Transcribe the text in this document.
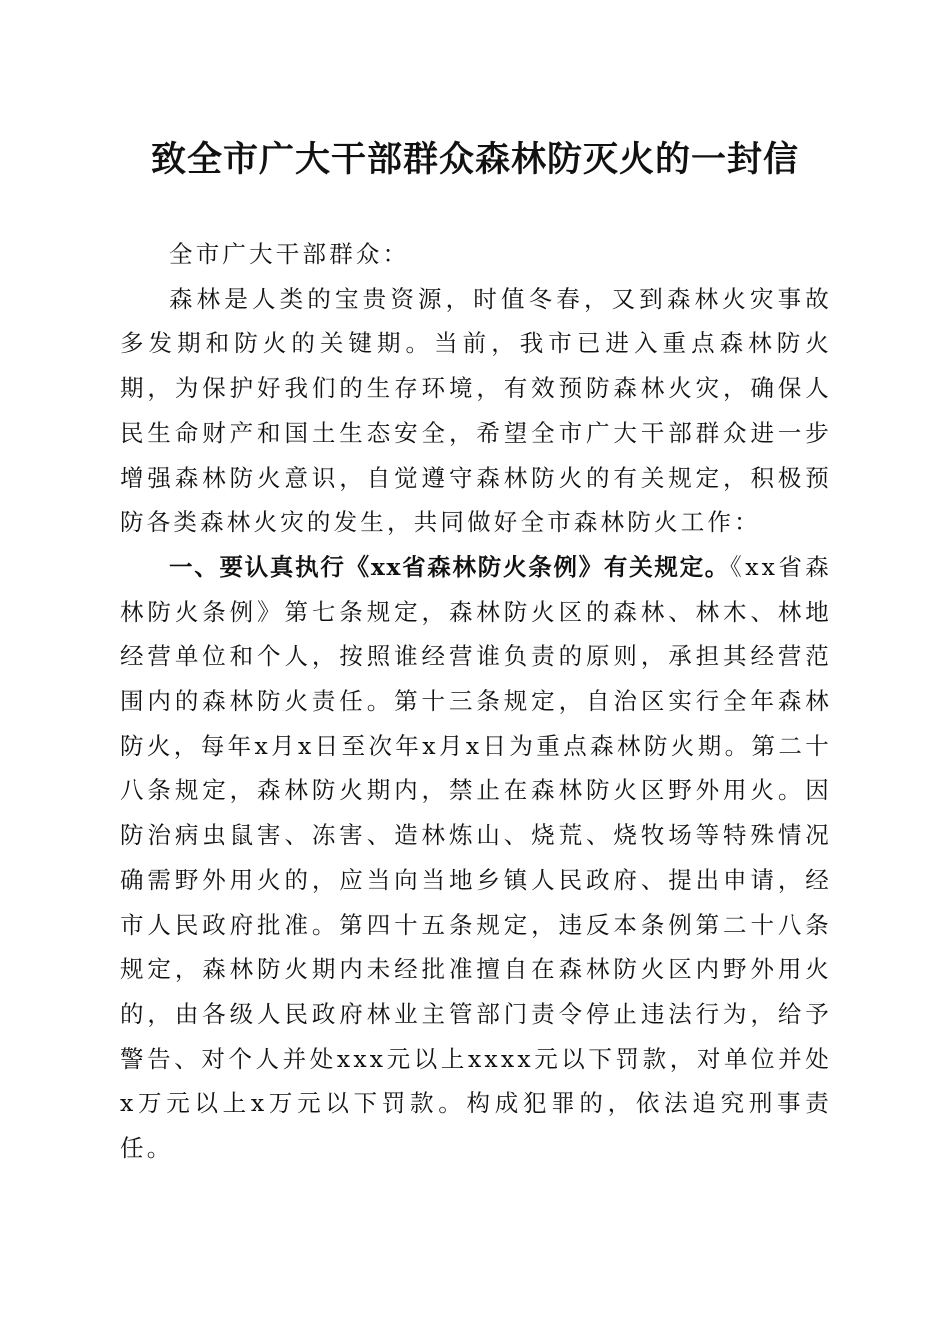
致全市广大干部群众森林防灭火的一封信

全市广大干部群众：

森林是人类的宝贵资源，时值冬春，又到森林火灾事故多发期和防火的关键期。当前，我市已进入重点森林防火期，为保护好我们的生存环境，有效预防森林火灾，确保人民生命财产和国土生态安全，希望全市广大干部群众进一步增强森林防火意识，自觉遵守森林防火的有关规定，积极预防各类森林火灾的发生，共同做好全市森林防火工作：

一、要认真执行《xx省森林防火条例》有关规定。《xx省森林防火条例》第七条规定，森林防火区的森林、林木、林地经营单位和个人，按照谁经营谁负责的原则，承担其经营范围内的森林防火责任。第十三条规定，自治区实行全年森林防火，每年x月x日至次年x月x日为重点森林防火期。第二十八条规定，森林防火期内，禁止在森林防火区野外用火。因防治病虫鼠害、冻害、造林炼山、烧荒、烧牧场等特殊情况确需野外用火的，应当向当地乡镇人民政府、提出申请，经市人民政府批准。第四十五条规定，违反本条例第二十八条规定，森林防火期内未经批准擅自在森林防火区内野外用火的，由各级人民政府林业主管部门责令停止违法行为，给予警告、对个人并处xxx元以上xxxx元以下罚款，对单位并处x万元以上x万元以下罚款。构成犯罪的，依法追究刑事责任。
